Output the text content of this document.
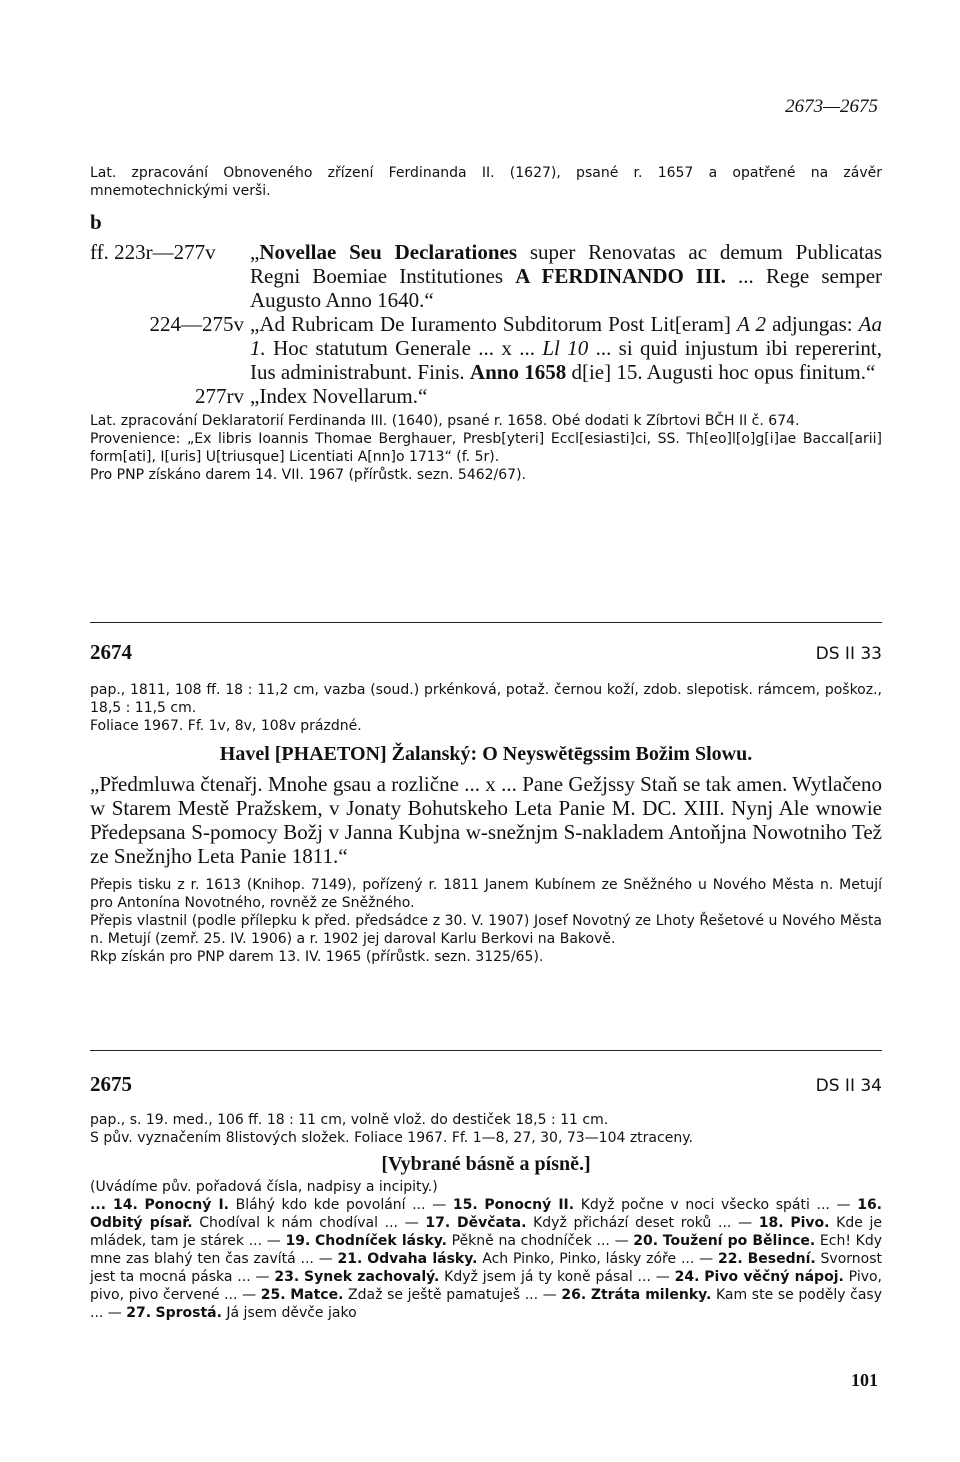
2673—2675

Lat. zpracování Obnoveného zřízení Ferdinanda II. (1627), psané r. 1657 a opatřené na závěr mnemotechnickými verši.

b

ff. 223r—277v	„Novellae Seu Declarationes super Renovatas ac demum Publicatas Regni Boemiae Institutiones A FERDINANDO III. ... Rege semper Augusto Anno 1640.“
224—275v „Ad Rubricam De Iuramento Subditorum Post Lit[eram] A 2 adjungas: Aa 1. Hoc statutum Generale ... x ... Ll 10 ... si quid injustum ibi repererint, Ius administrabunt. Finis. Anno 1658 d[ie] 15. Augusti hoc opus finitum.“
277rv „Index Novellarum.“

Lat. zpracování Deklaratorií Ferdinanda III. (1640), psané r. 1658. Obé dodati k Zíbrtovi BČH II č. 674.

Provenience: „Ex libris Ioannis Thomae Berghauer, Presb[yteri] Eccl[esiasti]ci, SS. Th[eo]l[o]g[i]ae Baccal[arii] form[ati], I[uris] U[triusque] Licentiati A[nn]o 1713“ (f. 5r).

Pro PNP získáno darem 14. VII. 1967 (přírůstk. sezn. 5462/67).

2674	DS II 33

pap., 1811, 108 ff. 18 : 11,2 cm, vazba (soud.) prkénková, potaž. černou koží, zdob. slepotisk. rámcem, poškoz., 18,5 : 11,5 cm.

Foliace 1967. Ff. 1v, 8v, 108v prázdné.

Havel [PHAETON] Žalanský: O Neyswětēgssim Božim Slowu.

„Předmluwa čtenařj. Mnohe gsau a rozlične ... x ... Pane Gežjssy Staň se tak amen. Wytlačeno w Starem Mestě Pražskem, v Jonaty Bohutskeho Leta Panie M. DC. XIII. Nynj Ale wnowie Předepsana S-pomocy Božj v Janna Kubjna w-snežnjm S-nakladem Antoňjna Nowotniho Tež ze Snežnjho Leta Panie 1811.“

Přepis tisku z r. 1613 (Knihop. 7149), pořízený r. 1811 Janem Kubínem ze Sněžného u Nového Města n. Metují pro Antonína Novotného, rovněž ze Sněžného.

Přepis vlastnil (podle přílepku k před. předsádce z 30. V. 1907) Josef Novotný ze Lhoty Řešetové u Nového Města n. Metují (zemř. 25. IV. 1906) a r. 1902 jej daroval Karlu Berkovi na Bakově.

Rkp získán pro PNP darem 13. IV. 1965 (přírůstk. sezn. 3125/65).

2675	DS II 34

pap., s. 19. med., 106 ff. 18 : 11 cm, volně vlož. do destiček 18,5 : 11 cm.

S pův. vyznačením 8listových složek. Foliace 1967. Ff. 1—8, 27, 30, 73—104 ztraceny.

[Vybrané básně a písně.]

(Uvádíme pův. pořadová čísla, nadpisy a incipity.)

... 14. Ponocný I. Bláhý kdo kde povolání ... — 15. Ponocný II. Když počne v noci všecko spáti ... — 16. Odbitý písař. Chodíval k nám chodíval ... — 17. Děvčata. Když přichází deset roků ... — 18. Pivo. Kde je mládek, tam je stárek ... — 19. Chodníček lásky. Pěkně na chodníček ... — 20. Toužení po Bělince. Ech! Kdy mne zas blahý ten čas zavítá ... — 21. Odvaha lásky. Ach Pinko, Pinko, lásky zóře ... — 22. Besední. Svornost jest ta mocná páska ... — 23. Synek zachovalý. Když jsem já ty koně pásal ... — 24. Pivo věčný nápoj. Pivo, pivo, pivo červené ... — 25. Matce. Zdaž se ještě pamatuješ ... — 26. Ztráta milenky. Kam ste se poděly časy ... — 27. Sprostá. Já jsem děvče jako

101
